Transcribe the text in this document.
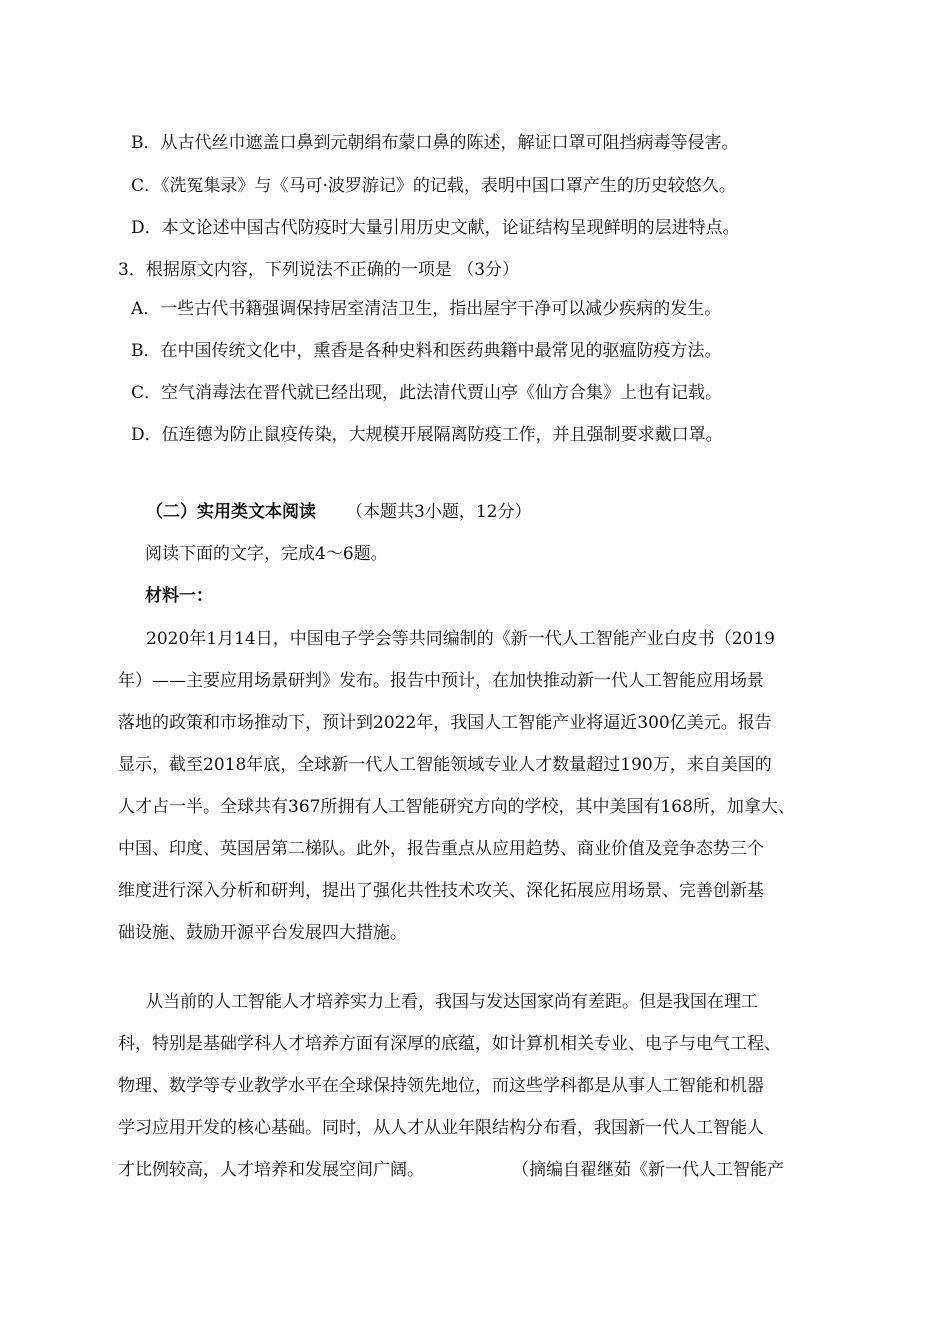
B．从古代丝巾遮盖口鼻到元朝绢布蒙口鼻的陈述，解证口罩可阻挡病毒等侵害。
C．《洗冤集录》与《马可·波罗游记》的记载，表明中国口罩产生的历史较悠久。
D．本文论述中国古代防疫时大量引用历史文献，论证结构呈现鲜明的层进特点。
3．根据原文内容，下列说法不正确的一项是 （3分）
A．一些古代书籍强调保持居室清洁卫生，指出屋宇干净可以减少疾病的发生。
B．在中国传统文化中，熏香是各种史料和医药典籍中最常见的驱瘟防疫方法。
C．空气消毒法在晋代就已经出现，此法清代贾山亭《仙方合集》上也有记载。
D．伍连德为防止鼠疫传染，大规模开展隔离防疫工作，并且强制要求戴口罩。
（二）实用类文本阅读 （本题共3小题，12分）
阅读下面的文字，完成4～6题。
材料一：
2020年1月14日，中国电子学会等共同编制的《新一代人工智能产业白皮书（2019
年）——主要应用场景研判》发布。报告中预计，在加快推动新一代人工智能应用场景
落地的政策和市场推动下，预计到2022年，我国人工智能产业将逼近300亿美元。报告
显示，截至2018年底，全球新一代人工智能领域专业人才数量超过190万，来自美国的
人才占一半。全球共有367所拥有人工智能研究方向的学校，其中美国有168所，加拿大、
中国、印度、英国居第二梯队。此外，报告重点从应用趋势、商业价值及竞争态势三个
维度进行深入分析和研判，提出了强化共性技术攻关、深化拓展应用场景、完善创新基
础设施、鼓励开源平台发展四大措施。
从当前的人工智能人才培养实力上看，我国与发达国家尚有差距。但是我国在理工
科，特别是基础学科人才培养方面有深厚的底蕴，如计算机相关专业、电子与电气工程、
物理、数学等专业教学水平在全球保持领先地位，而这些学科都是从事人工智能和机器
学习应用开发的核心基础。同时，从人才从业年限结构分布看，我国新一代人工智能人
才比例较高，人才培养和发展空间广阔。	（摘编自翟继茹《新一代人工智能产
